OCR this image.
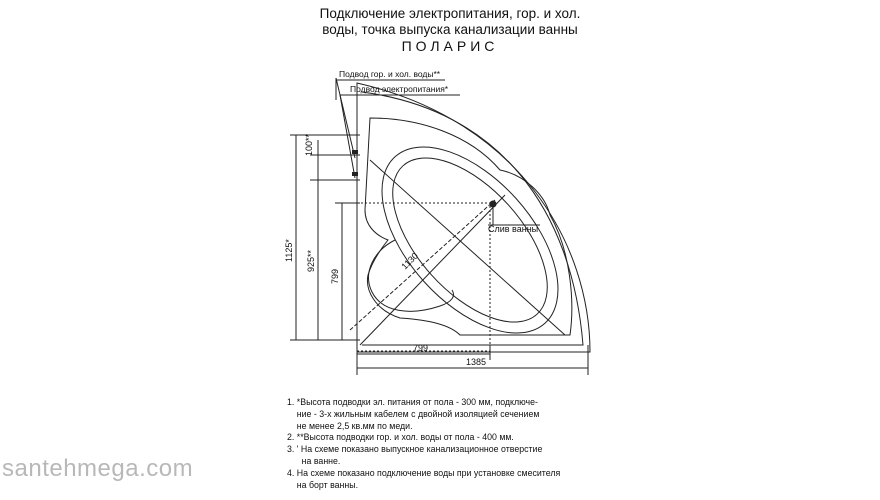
Подключение электропитания, гор. и хол.
воды, точка выпуска канализации ванны
ПОЛАРИС
100**
1125* 925**
799
799
1385
1130
Подвод гор. и хол. воды**
Подвод электропитания*
Слив ванны
1. *Высота подводки эл. питания от пола - 300 мм, подключе-
ние - 3-х жильным кабелем с двойной изоляцией сечением
не менее 2,5 кв.мм по меди.
2. **Высота подводки гор. и хол. воды от пола - 400 мм.
3. ' На схеме показано выпускное канализационное отверстие
на ванне.
4. На схеме показано подключение воды при установке смесителя
на борт ванны.
santehmega.com
